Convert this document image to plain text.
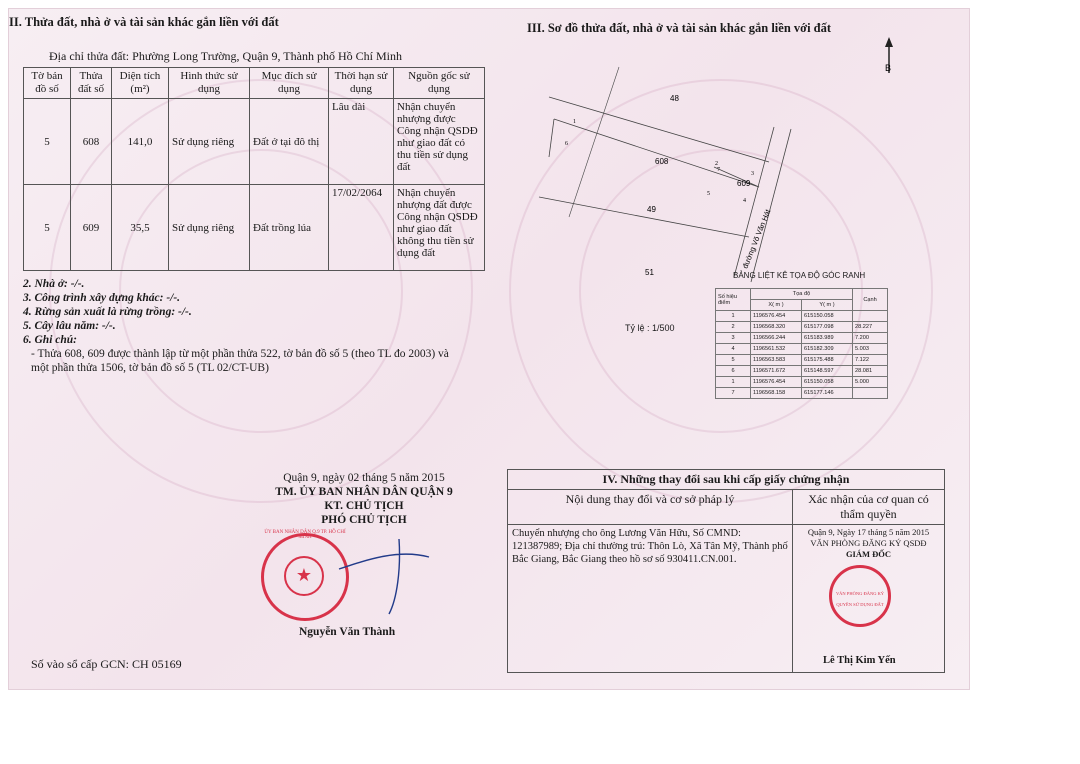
II. Thửa đất, nhà ở và tài sản khác gắn liền với đất
Địa chỉ thửa đất: Phường Long Trường, Quận 9, Thành phố Hồ Chí Minh
Tờ bản đồ số	Thửa đất số	Diện tích (m²)	Hình thức sử dụng	Mục đích sử dụng	Thời hạn sử dụng	Nguồn gốc sử dụng
5	608	141,0	Sử dụng riêng	Đất ở tại đô thị	Lâu dài	Nhận chuyển nhượng được Công nhận QSDĐ như giao đất có thu tiền sử dụng đất
5	609	35,5	Sử dụng riêng	Đất trồng lúa	17/02/2064	Nhận chuyển nhượng đất được Công nhận QSDĐ như giao đất không thu tiền sử dụng đất
2. Nhà ở: -/-.
3. Công trình xây dựng khác: -/-.
4. Rừng sản xuất là rừng trồng: -/-.
5. Cây lâu năm: -/-.
6. Ghi chú:
- Thửa 608, 609 được thành lập từ một phần thửa 522, tờ bản đồ số 5 (theo TL đo 2003) và một phần thửa 1506, tờ bản đồ số 5 (TL 02/CT-UB)
III. Sơ đồ thửa đất, nhà ở và tài sản khác gắn liền với đất
B
48
608
609
49
51
đường Võ Văn Hát
1
6
2
3
5
4
7
Tỷ lệ : 1/500
BẢNG LIỆT KÊ TỌA ĐỘ GÓC RANH
Số hiệu điểm	Tọa độ		Cạnh
	X( m )	Y( m )	
1	1196576.454	615150.058	
2	1196568.320	615177.098	28.227
3	1196566.244	615183.989	7.200
4	1196561.532	615182.309	5.003
5	1196563.583	615175.488	7.122
6	1196571.672	615148.597	28.081
1	1196576.454	615150.058	5.000
7	1196568.158	615177.146	
Quận 9, ngày 02 tháng 5 năm 2015
TM. ỦY BAN NHÂN DÂN QUẬN 9
KT. CHỦ TỊCH
PHÓ CHỦ TỊCH
★
ỦY BAN NHÂN DÂN Q.9 TP. HỒ CHÍ MINH
Nguyễn Văn Thành
Số vào sổ cấp GCN: CH 05169
IV. Những thay đổi sau khi cấp giấy chứng nhận	
Nội dung thay đổi và cơ sở pháp lý	Xác nhận của cơ quan có thẩm quyền
Chuyển nhượng cho ông Lương Văn Hữu, Số CMND: 121387989; Địa chỉ thường trú: Thôn Lò, Xã Tân Mỹ, Thành phố Bắc Giang, Bắc Giang theo hồ sơ số 930411.CN.001.	Quận 9, Ngày 17 tháng 5 năm 2015
VĂN PHÒNG ĐĂNG KÝ QSDĐ
GIÁM ĐỐC
VĂN PHÒNG ĐĂNG KÝ QUYỀN SỬ DỤNG ĐẤT
Lê Thị Kim Yến
